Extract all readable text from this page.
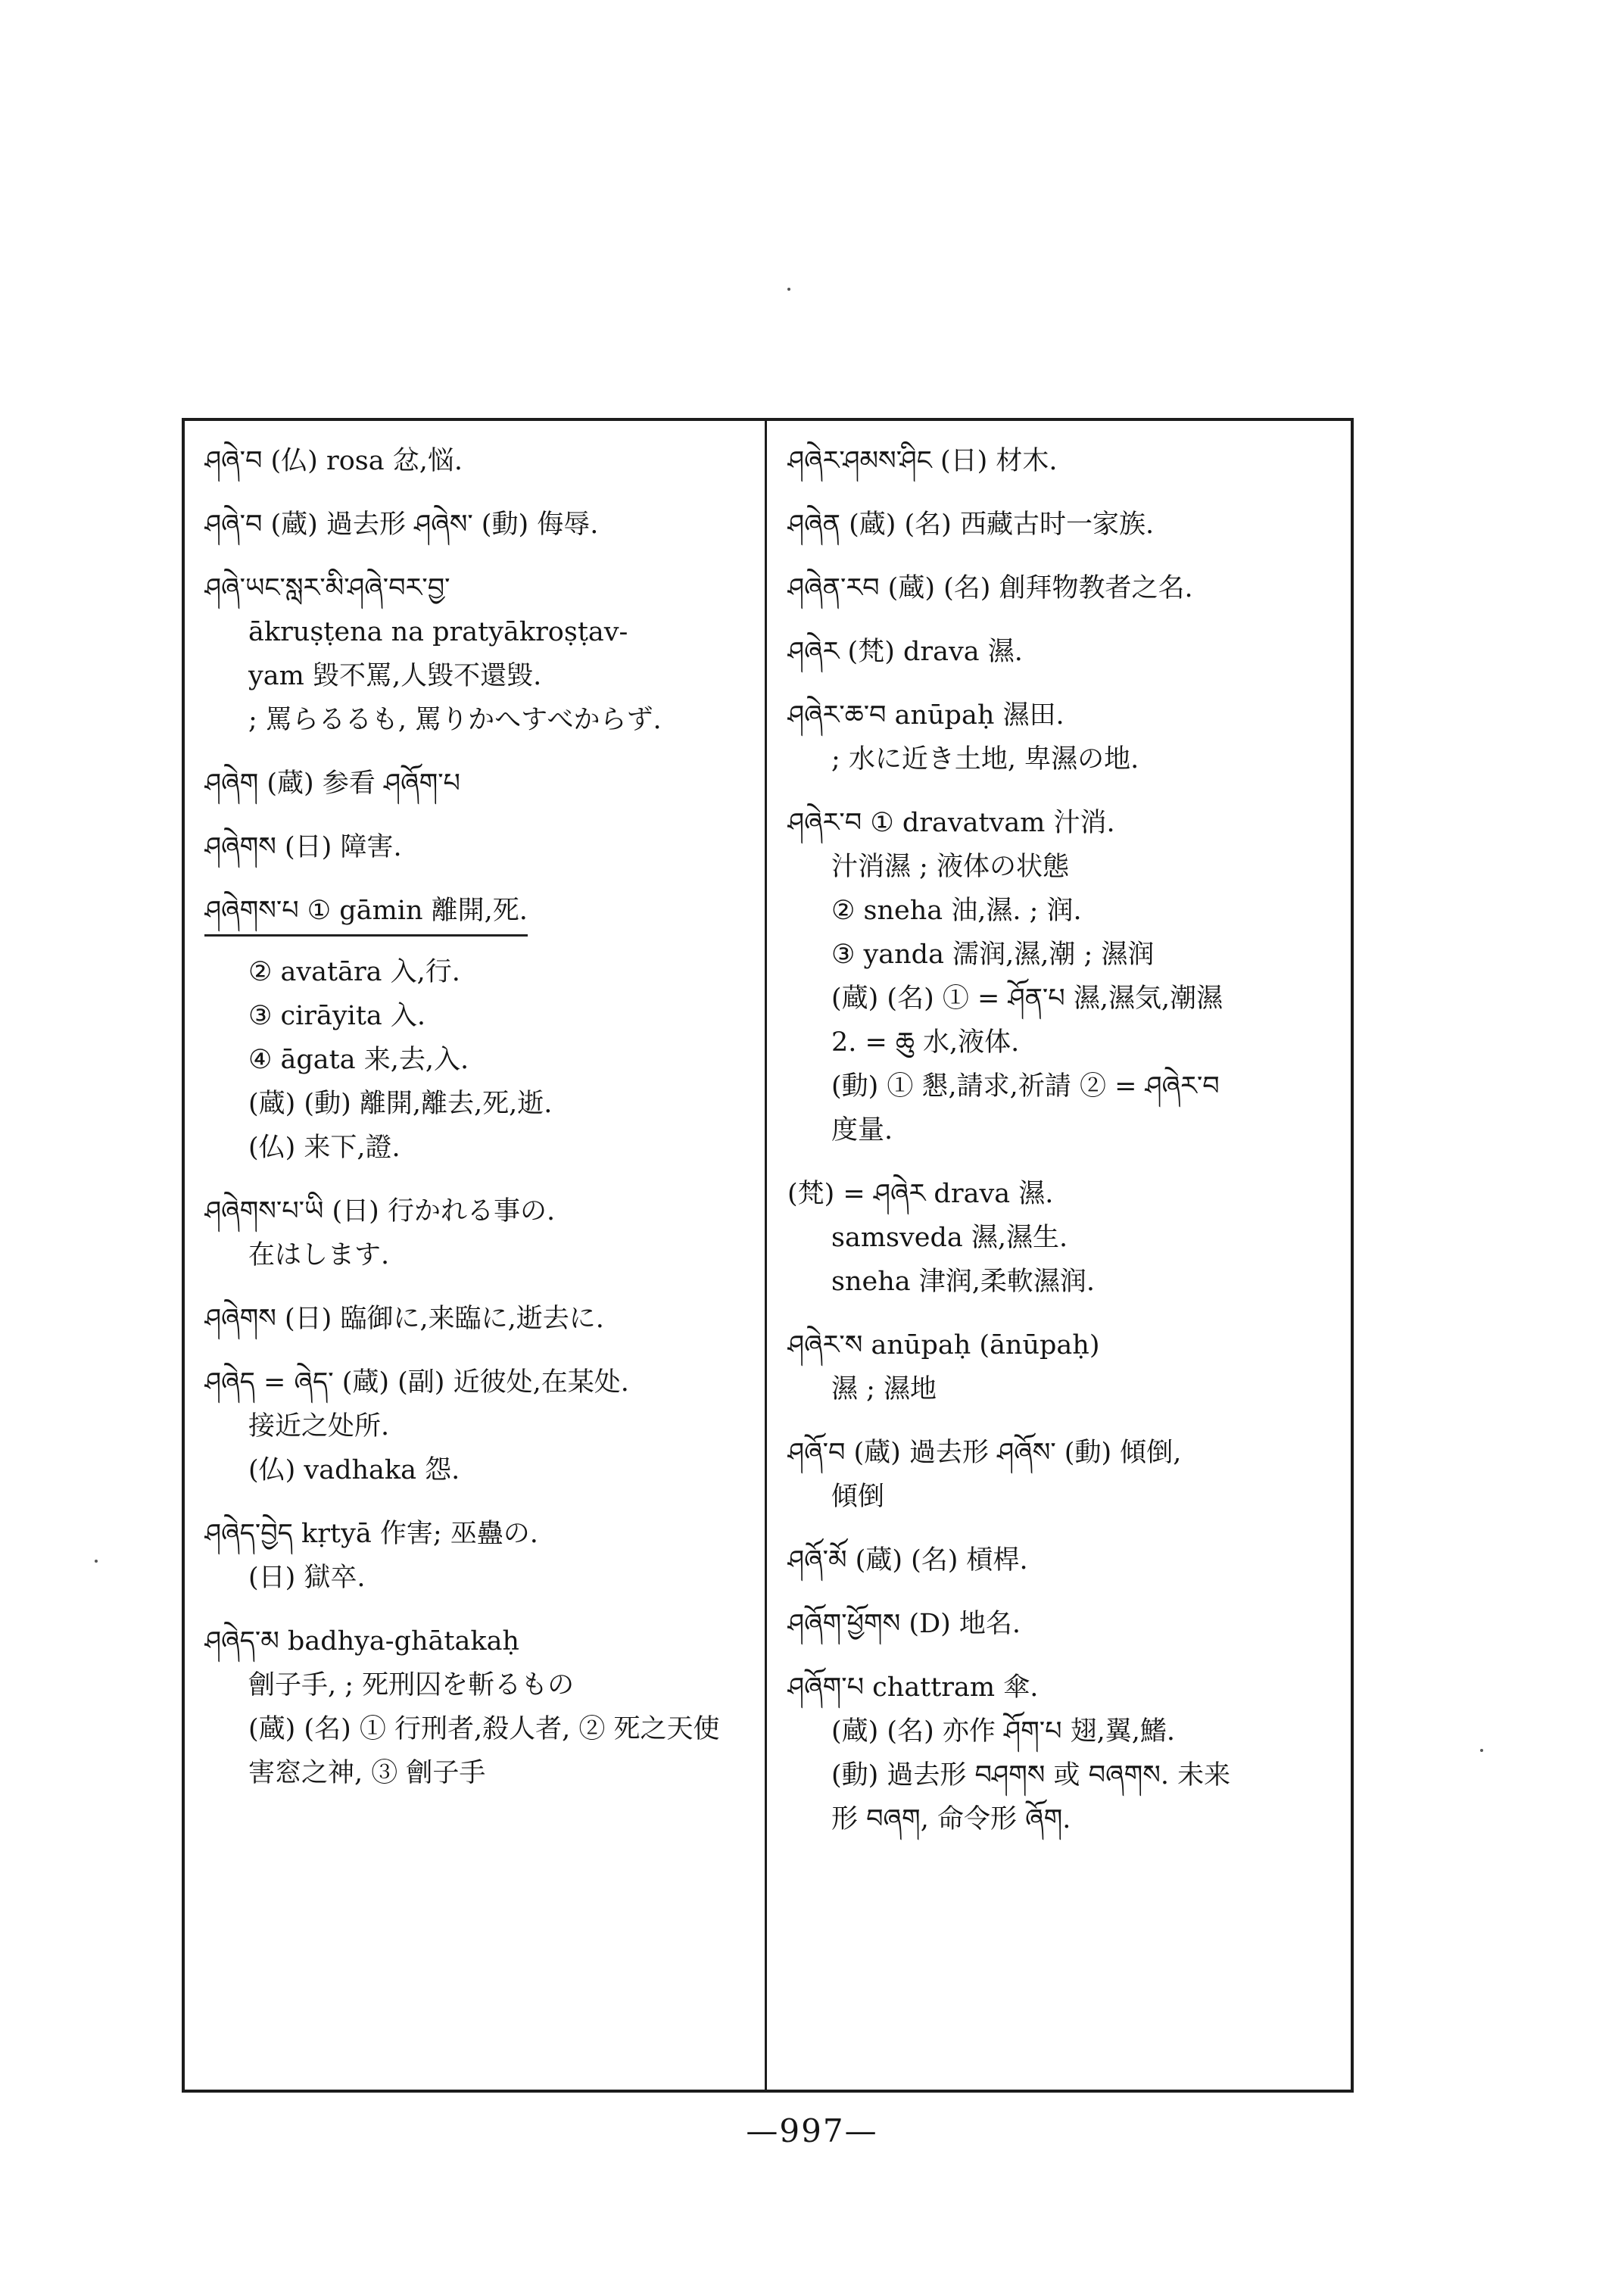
ཤཞེ་བ (仏) rosa 忿,悩.
ཤཞེ་བ (蔵) 過去形 ཤཞེས་ (動) 侮辱.
ཤཞེ་ཡང་སླར་མི་ཤཞེ་བར་བྱ་
ākruṣṭena na pratyākroṣṭav-
yam 毀不罵,人毀不還毀.
; 罵らるるも, 罵りかへすべからず.
ཤཞེག (蔵) 参看 ཤཞོག་པ
ཤཞེགས (日) 障害.
ཤཞེགས་པ ① gāmin 離開,死.
② avatāra 入,行.
③ cirāyita 入.
④ āgata 来,去,入.
(蔵) (動) 離開,離去,死,逝.
(仏) 来下,證.
ཤཞེགས་པ་ཡི (日) 行かれる事の.
在はします.
ཤཞེགས (日) 臨御に,来臨に,逝去に.
ཤཞེད = ཞེད་ (蔵) (副) 近彼处,在某处.
接近之处所.
(仏) vadhaka 怨.
ཤཞེད་བྱེད kṛtyā 作害; 巫蠱の.
(日) 獄卒.
ཤཞེད་མ badhya-ghātakaḥ
劊子手, ; 死刑囚を斬るもの
(蔵) (名) ① 行刑者,殺人者, ② 死之天使
害窓之神, ③ 劊子手
ཤཞེར་ཤམས་ཤིང (日) 材木.
ཤཞེན (蔵) (名) 西藏古时一家族.
ཤཞེན་རབ (蔵) (名) 創拜物教者之名.
ཤཞེར (梵) drava 濕.
ཤཞེར་ཆ་བ anūpaḥ 濕田.
; 水に近き土地, 卑濕の地.
ཤཞེར་བ ① dravatvam 汁消.
汁消濕 ; 液体の状態
② sneha 油,濕. ; 润.
③ yanda 濡润,濕,潮 ; 濕润
(蔵) (名) ① = ཤོན་པ 濕,濕気,潮濕
2. = ཆུ 水,液体.
(動) ① 懇,請求,祈請 ② = ཤཞེར་བ
度量.
(梵) = ཤཞེར drava 濕.
samsveda 濕,濕生.
sneha 津润,柔軟濕润.
ཤཞེར་ས anūpaḥ (ānūpaḥ)
濕 ; 濕地
ཤཞོ་བ (蔵) 過去形 ཤཞོས་ (動) 傾倒,
傾倒
ཤཞོ་མོ (蔵) (名) 槓桿.
ཤཞོག་ཕྱོགས (D) 地名.
ཤཞོག་པ chattram 傘.
(蔵) (名) 亦作 ཤོག་པ 翅,翼,鰭.
(動) 過去形 བཤགས 或 བཞགས. 未来
形 བཞག, 命令形 ཞོག.
—997—
